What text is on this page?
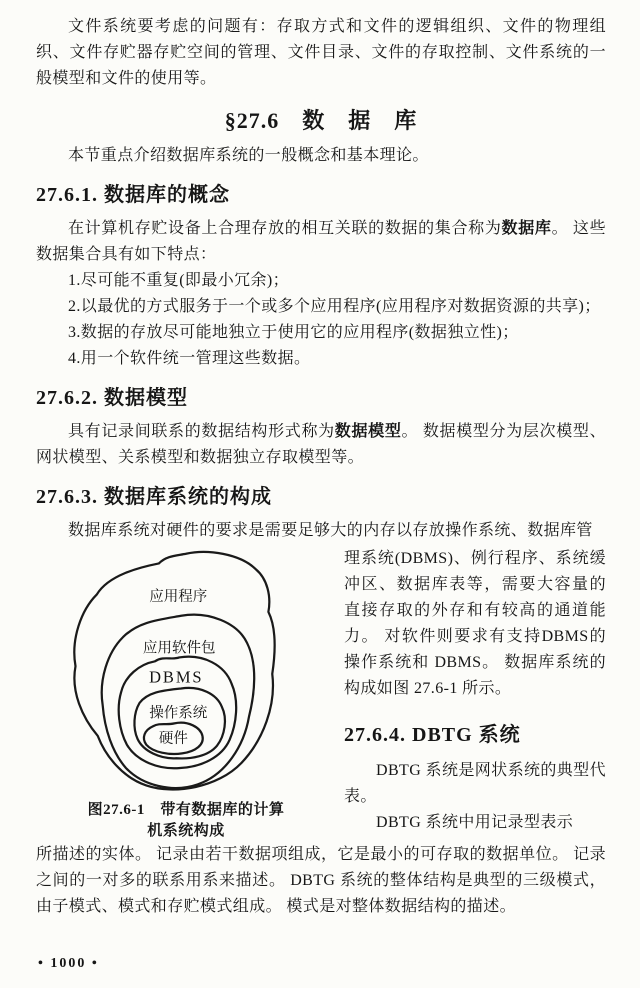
文件系统要考虑的问题有：存取方式和文件的逻辑组织、文件的物理组织、文件存贮器存贮空间的管理、文件目录、文件的存取控制、文件系统的一般模型和文件的使用等。

§27.6　数　据　库

本节重点介绍数据库系统的一般概念和基本理论。

27.6.1. 数据库的概念

在计算机存贮设备上合理存放的相互关联的数据的集合称为数据库。 这些数据集合具有如下特点：

1.尽可能不重复(即最小冗余)；

2.以最优的方式服务于一个或多个应用程序(应用程序对数据资源的共享)；

3.数据的存放尽可能地独立于使用它的应用程序(数据独立性)；

4.用一个软件统一管理这些数据。

27.6.2. 数据模型

具有记录间联系的数据结构形式称为数据模型。 数据模型分为层次模型、网状模型、关系模型和数据独立存取模型等。

27.6.3. 数据库系统的构成

数据库系统对硬件的要求是需要足够大的内存以存放操作系统、数据库管

应用程序
应用软件包
DBMS
操作系统
硬件
图27.6-1　带有数据库的计算
机系统构成

理系统(DBMS)、例行程序、系统缓冲区、数据库表等，需要大容量的直接存取的外存和有较高的通道能力。 对软件则要求有支持DBMS的操作系统和 DBMS。 数据库系统的构成如图 27.6-1 所示。

27.6.4. DBTG 系统

DBTG 系统是网状系统的典型代表。

DBTG 系统中用记录型表示

所描述的实体。 记录由若干数据项组成，它是最小的可存取的数据单位。 记录之间的一对多的联系用系来描述。 DBTG 系统的整体结构是典型的三级模式，由子模式、模式和存贮模式组成。 模式是对整体数据结构的描述。

• 1000 •
